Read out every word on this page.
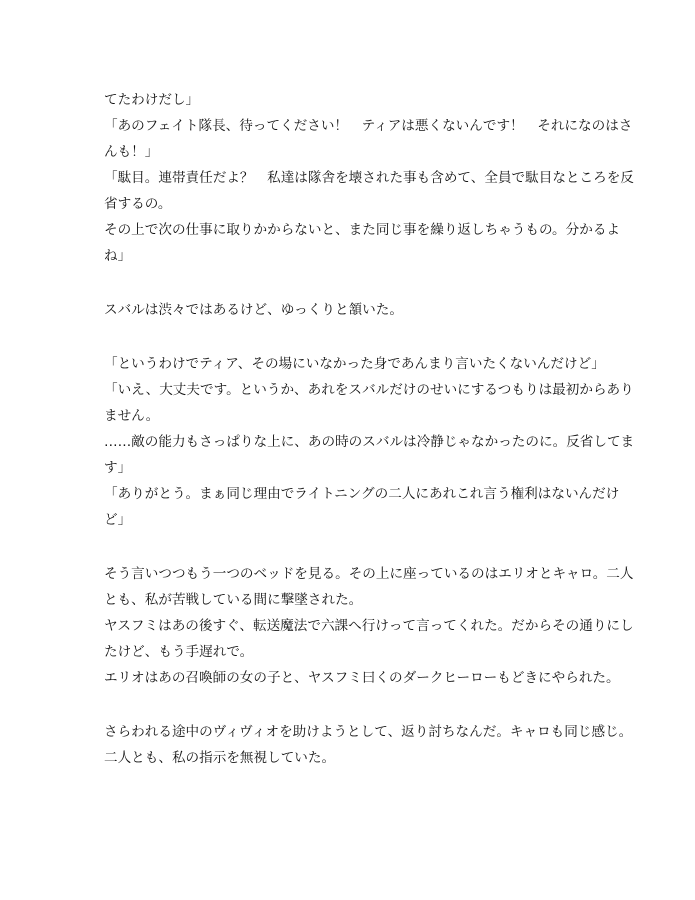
てたわけだし」
「あのフェイト隊長、待ってください！　ティアは悪くないんです！　それになのはさ
んも！」
「駄目。連帯責任だよ？　私達は隊舎を壊された事も含めて、全員で駄目なところを反
省するの。
その上で次の仕事に取りかからないと、また同じ事を繰り返しちゃうもの。分かるよ
ね」
スバルは渋々ではあるけど、ゆっくりと頷いた。
「というわけでティア、その場にいなかった身であんまり言いたくないんだけど」
「いえ、大丈夫です。というか、あれをスバルだけのせいにするつもりは最初からあり
ません。
……敵の能力もさっぱりな上に、あの時のスバルは冷静じゃなかったのに。反省してま
す」
「ありがとう。まぁ同じ理由でライトニングの二人にあれこれ言う権利はないんだけ
ど」
そう言いつつもう一つのベッドを見る。その上に座っているのはエリオとキャロ。二人
とも、私が苦戦している間に撃墜された。
ヤスフミはあの後すぐ、転送魔法で六課へ行けって言ってくれた。だからその通りにし
たけど、もう手遅れで。
エリオはあの召喚師の女の子と、ヤスフミ曰くのダークヒーローもどきにやられた。
さらわれる途中のヴィヴィオを助けようとして、返り討ちなんだ。キャロも同じ感じ。
二人とも、私の指示を無視していた。
